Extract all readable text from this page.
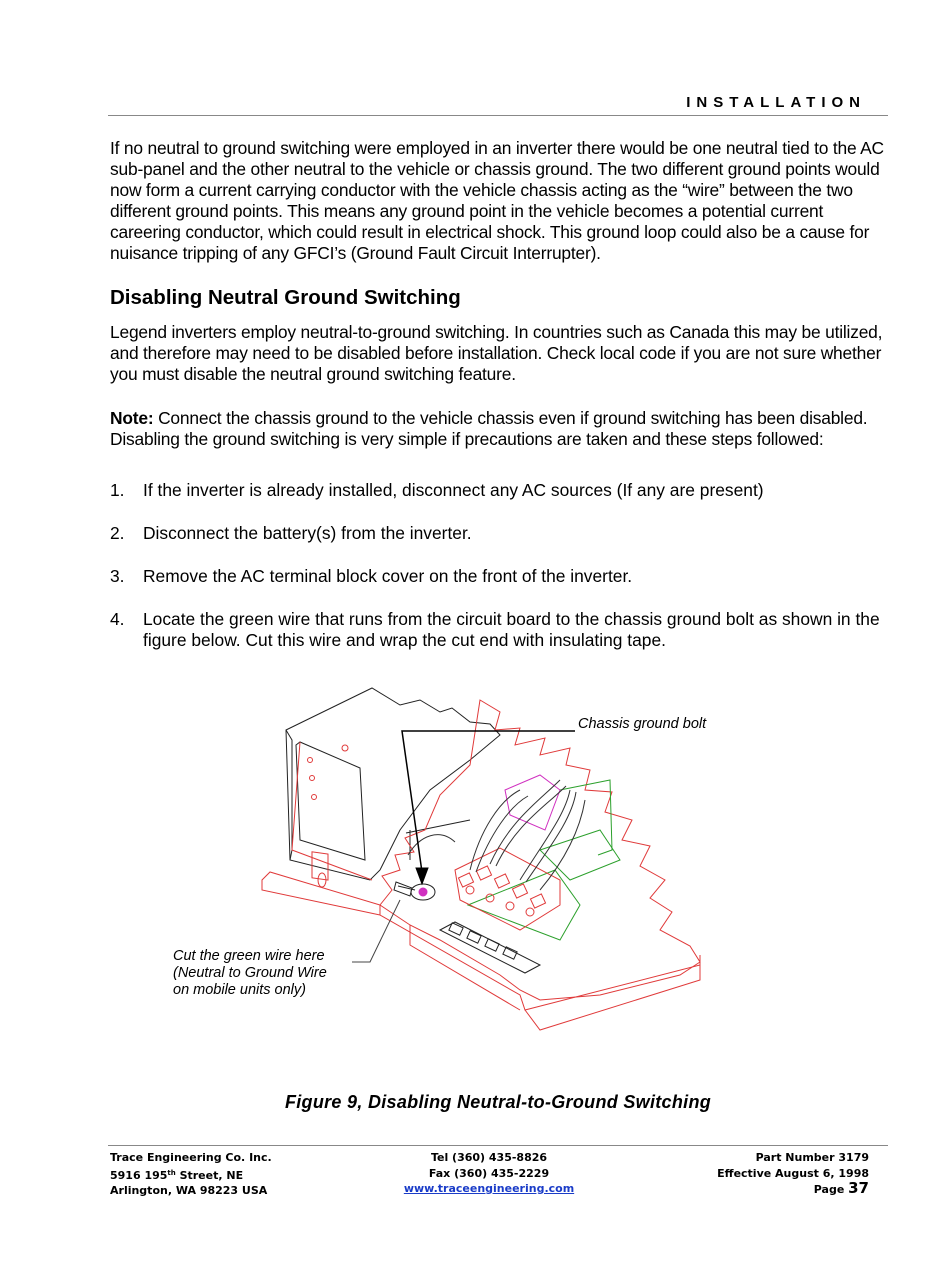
INSTALLATION
If no neutral to ground switching were employed in an inverter there would be one neutral tied to the AC sub-panel and the other neutral to the vehicle or chassis ground. The two different ground points would now form a current carrying conductor with the vehicle chassis acting as the “wire” between the two different ground points. This means any ground point in the vehicle becomes a potential current careering conductor, which could result in electrical shock. This ground loop could also be a cause for nuisance tripping of any GFCI’s (Ground Fault Circuit Interrupter).
Disabling Neutral Ground Switching
Legend inverters employ neutral-to-ground switching. In countries such as Canada this may be utilized, and therefore may need to be disabled before installation. Check local code if you are not sure whether you must disable the neutral ground switching feature.
Note: Connect the chassis ground to the vehicle chassis even if ground switching has been disabled. Disabling the ground switching is very simple if precautions are taken and these steps followed:
1.	If the inverter is already installed, disconnect any AC sources (If any are present)
2.	Disconnect the battery(s) from the inverter.
3.	Remove the AC terminal block cover on the front of the inverter.
4.	Locate the green wire that runs from the circuit board to the chassis ground bolt as shown in the figure below. Cut this wire and wrap the cut end with insulating tape.
Chassis ground bolt
Cut the green wire here
(Neutral to Ground Wire
on mobile units only)
Figure 9, Disabling Neutral-to-Ground Switching
Trace Engineering Co. Inc.
5916 195th Street, NE
Arlington, WA 98223 USA
Tel (360) 435-8826
Fax (360) 435-2229
www.traceengineering.com
Part Number 3179
Effective August 6, 1998
Page 37
